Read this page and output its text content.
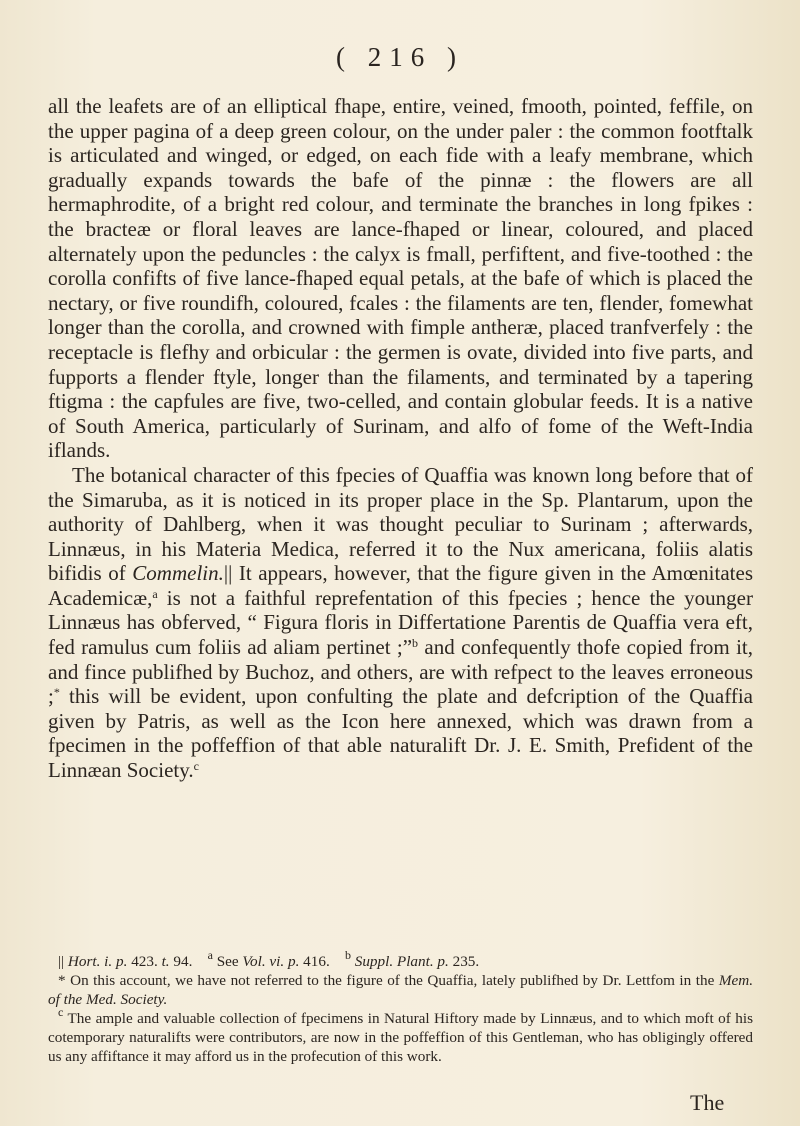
( 216 )

all the leafets are of an elliptical fhape, entire, veined, fmooth, pointed, feffile, on the upper pagina of a deep green colour, on the under paler : the common footftalk is articulated and winged, or edged, on each fide with a leafy membrane, which gradually expands towards the bafe of the pinnæ : the flowers are all hermaphrodite, of a bright red colour, and terminate the branches in long fpikes : the bracteæ or floral leaves are lance-fhaped or linear, coloured, and placed alternately upon the peduncles : the calyx is fmall, perfiftent, and five-toothed : the corolla confifts of five lance-fhaped equal petals, at the bafe of which is placed the nectary, or five roundifh, coloured, fcales : the filaments are ten, flender, fomewhat longer than the corolla, and crowned with fimple antheræ, placed tranfverfely : the receptacle is flefhy and orbicular : the germen is ovate, divided into five parts, and fupports a flender ftyle, longer than the filaments, and terminated by a tapering ftigma : the capfules are five, two-celled, and contain globular feeds. It is a native of South America, particularly of Surinam, and alfo of fome of the Weft-India iflands.

The botanical character of this fpecies of Quaffia was known long before that of the Simaruba, as it is noticed in its proper place in the Sp. Plantarum, upon the authority of Dahlberg, when it was thought peculiar to Surinam ; afterwards, Linnæus, in his Materia Medica, referred it to the Nux americana, foliis alatis bifidis of Commelin.|| It appears, however, that the figure given in the Amœnitates Academicæ,$^a$ is not a faithful reprefentation of this fpecies ; hence the younger Linnæus has obferved, “ Figura floris in Differtatione Parentis de Quaffia vera eft, fed ramulus cum foliis ad aliam pertinet ;”$^b$ and confequently thofe copied from it, and fince publifhed by Buchoz, and others, are with refpect to the leaves erroneous ;* this will be evident, upon confulting the plate and defcription of the Quaffia given by Patris, as well as the Icon here annexed, which was drawn from a fpecimen in the poffeffion of that able naturalift Dr. J. E. Smith, Prefident of the Linnæan Society.$^c$

|| Hort. i. p. 423. t. 94. $^a$ See Vol. vi. p. 416. $^b$ Suppl. Plant. p. 235.

* On this account, we have not referred to the figure of the Quaffia, lately publifhed by Dr. Lettfom in the Mem. of the Med. Society.

$^c$ The ample and valuable collection of fpecimens in Natural Hiftory made by Linnæus, and to which moft of his cotemporary naturalifts were contributors, are now in the poffeffion of this Gentleman, who has obligingly offered us any affiftance it may afford us in the profecution of this work.

The
